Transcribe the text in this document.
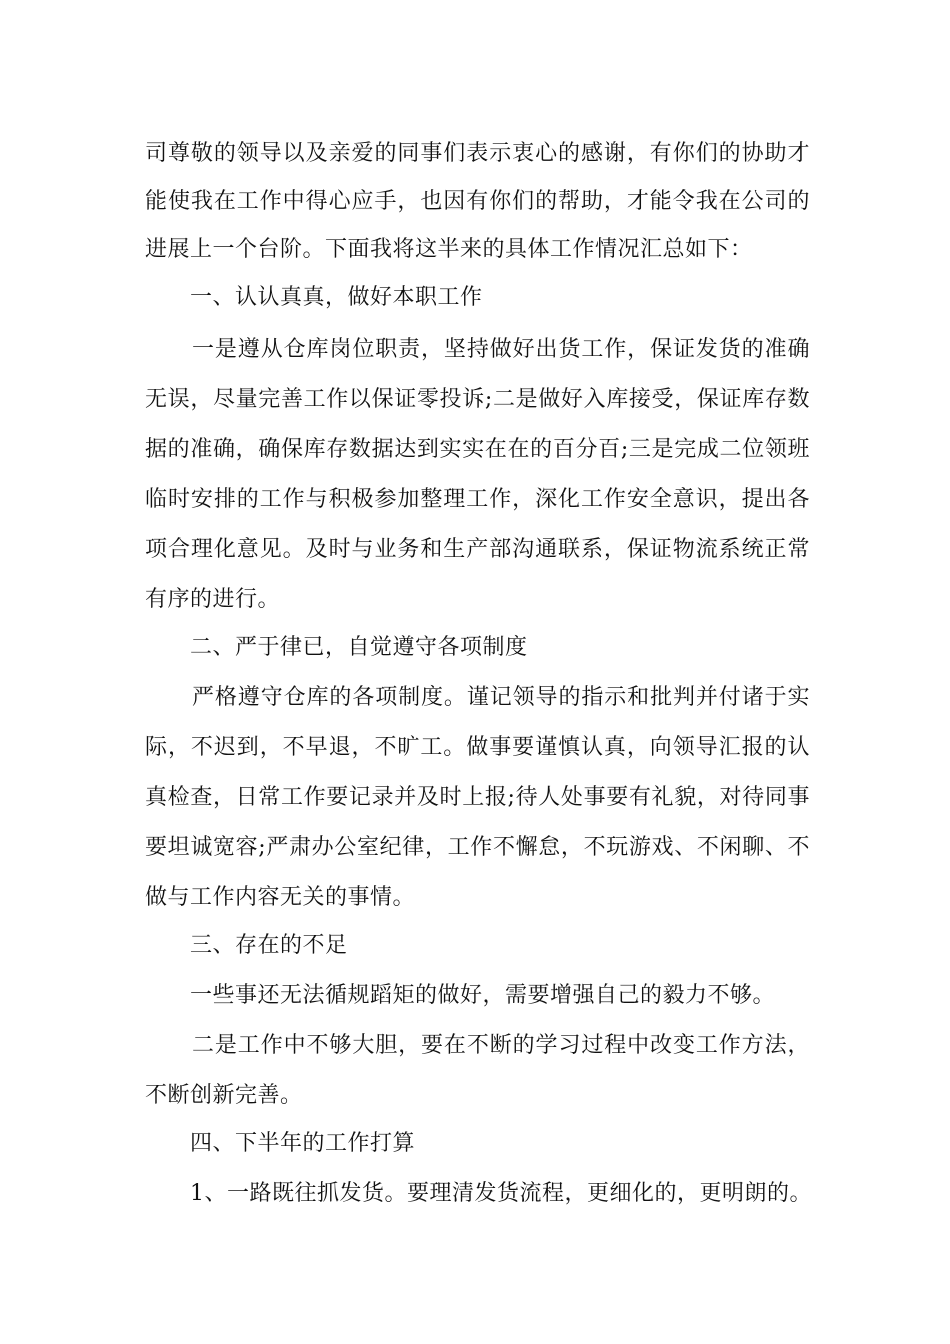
司尊敬的领导以及亲爱的同事们表示衷心的感谢，有你们的协助才
能使我在工作中得心应手，也因有你们的帮助，才能令我在公司的
进展上一个台阶。下面我将这半来的具体工作情况汇总如下：
一、认认真真，做好本职工作
一是遵从仓库岗位职责，坚持做好出货工作，保证发货的准确
无误，尽量完善工作以保证零投诉;二是做好入库接受，保证库存数
据的准确，确保库存数据达到实实在在的百分百;三是完成二位领班
临时安排的工作与积极参加整理工作，深化工作安全意识，提出各
项合理化意见。及时与业务和生产部沟通联系，保证物流系统正常
有序的进行。
二、严于律已，自觉遵守各项制度
严格遵守仓库的各项制度。谨记领导的指示和批判并付诸于实
际，不迟到，不早退，不旷工。做事要谨慎认真，向领导汇报的认
真检查，日常工作要记录并及时上报;待人处事要有礼貌，对待同事
要坦诚宽容;严肃办公室纪律，工作不懈怠，不玩游戏、不闲聊、不
做与工作内容无关的事情。
三、存在的不足
一些事还无法循规蹈矩的做好，需要增强自己的毅力不够。
二是工作中不够大胆，要在不断的学习过程中改变工作方法，
不断创新完善。
四、下半年的工作打算
1、一路既往抓发货。要理清发货流程，更细化的，更明朗的。
